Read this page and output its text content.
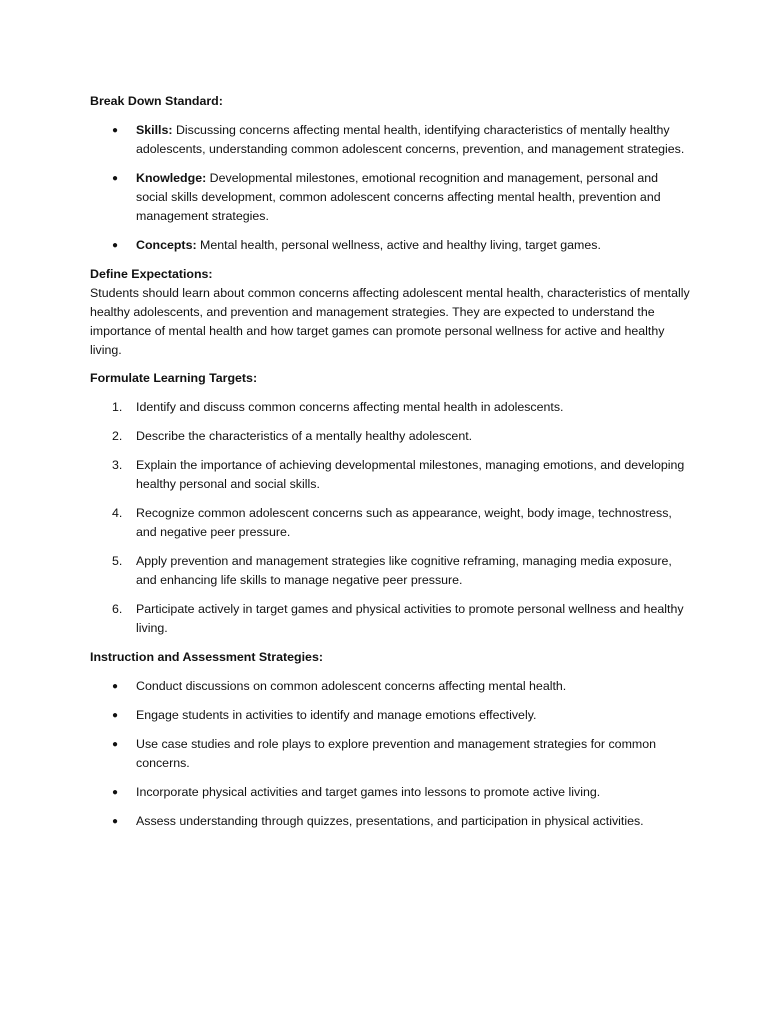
Break Down Standard:
● Skills: Discussing concerns affecting mental health, identifying characteristics of mentally healthy adolescents, understanding common adolescent concerns, prevention, and management strategies.
● Knowledge: Developmental milestones, emotional recognition and management, personal and social skills development, common adolescent concerns affecting mental health, prevention and management strategies.
● Concepts: Mental health, personal wellness, active and healthy living, target games.
Define Expectations:

Students should learn about common concerns affecting adolescent mental health, characteristics of mentally healthy adolescents, and prevention and management strategies. They are expected to understand the importance of mental health and how target games can promote personal wellness for active and healthy living.

Formulate Learning Targets:
1. Identify and discuss common concerns affecting mental health in adolescents.
2. Describe the characteristics of a mentally healthy adolescent.
3. Explain the importance of achieving developmental milestones, managing emotions, and developing healthy personal and social skills.
4. Recognize common adolescent concerns such as appearance, weight, body image, technostress, and negative peer pressure.
5. Apply prevention and management strategies like cognitive reframing, managing media exposure, and enhancing life skills to manage negative peer pressure.
6. Participate actively in target games and physical activities to promote personal wellness and healthy living.
Instruction and Assessment Strategies:
● Conduct discussions on common adolescent concerns affecting mental health.
● Engage students in activities to identify and manage emotions effectively.
● Use case studies and role plays to explore prevention and management strategies for common concerns.
● Incorporate physical activities and target games into lessons to promote active living.
● Assess understanding through quizzes, presentations, and participation in physical activities.
